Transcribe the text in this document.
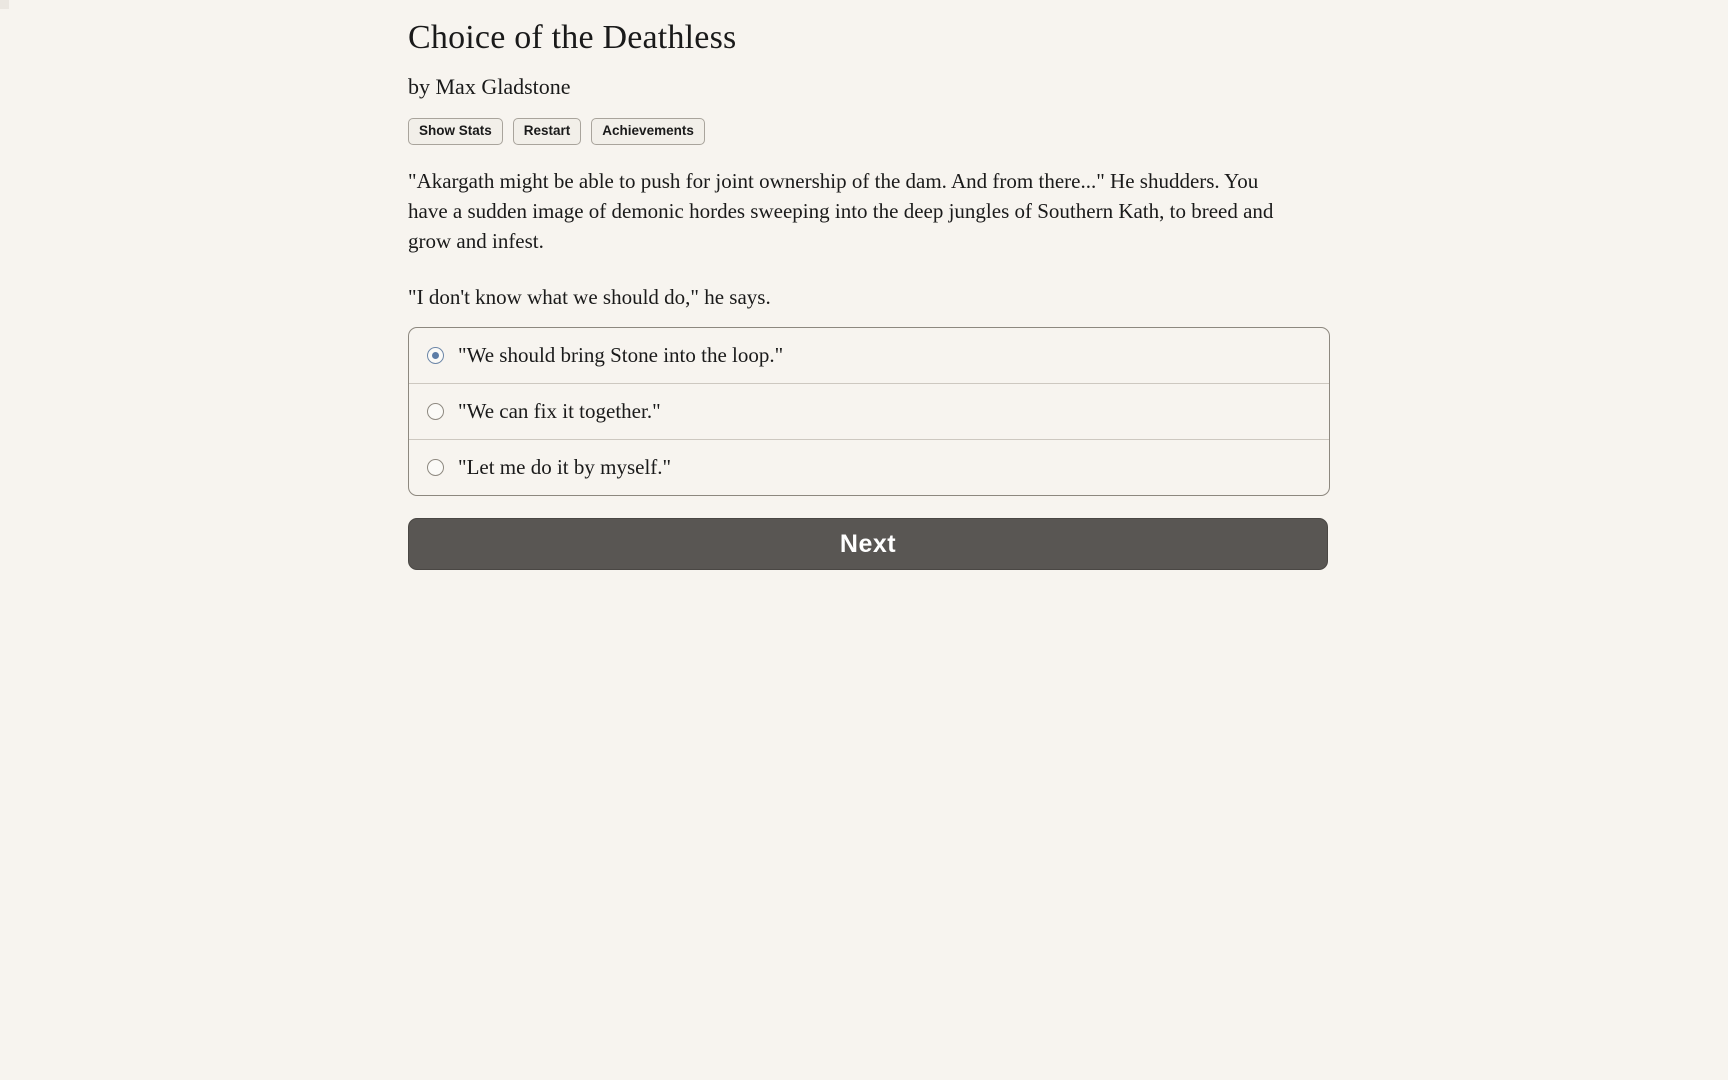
Choice of the Deathless
by Max Gladstone
Show Stats	Restart	Achievements

"Akargath might be able to push for joint ownership of the dam. And from there..." He shudders. You have a sudden image of demonic hordes sweeping into the deep jungles of Southern Kath, to breed and grow and infest.

"I don't know what we should do," he says.

"We should bring Stone into the loop."
"We can fix it together."
"Let me do it by myself."
Next
